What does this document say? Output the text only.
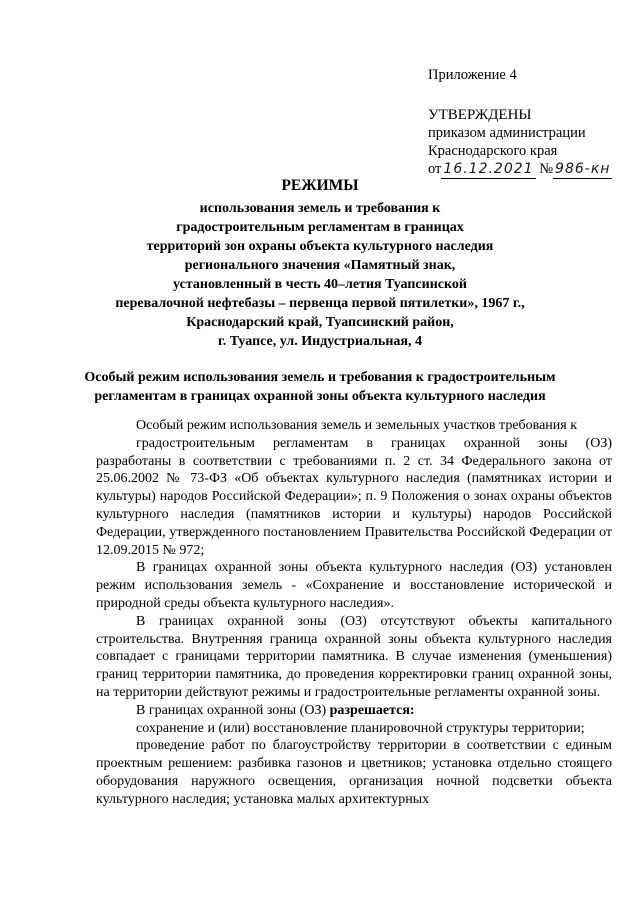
Приложение 4
УТВЕРЖДЕНЫ
приказом администрации
Краснодарского края
от 16.12.2021 № 986-кн
РЕЖИМЫ
использования земель и требования к
градостроительным регламентам в границах
территорий зон охраны объекта культурного наследия
регионального значения «Памятный знак,
установленный в честь 40–летия Туапсинской
перевалочной нефтебазы – первенца первой пятилетки», 1967 г.,
Краснодарский край, Туапсинский район,
г. Туапсе, ул. Индустриальная, 4
Особый режим использования земель и требования к градостроительным
регламентам в границах охранной зоны объекта культурного наследия

Особый режим использования земель и земельных участков требования к

градостроительным регламентам в границах охранной зоны (ОЗ)

разработаны в соответствии с требованиями п. 2 ст. 34 Федерального закона от 25.06.2002 № 73-ФЗ «Об объектах культурного наследия (памятниках истории и культуры) народов Российской Федерации»; п. 9 Положения о зонах охраны объектов культурного наследия (памятников истории и культуры) народов Российской Федерации, утвержденного постановлением Правительства Российской Федерации от 12.09.2015 № 972;

В границах охранной зоны объекта культурного наследия (ОЗ) установлен режим использования земель - «Сохранение и восстановление исторической и природной среды объекта культурного наследия».

В границах охранной зоны (ОЗ) отсутствуют объекты капитального строительства. Внутренняя граница охранной зоны объекта культурного наследия совпадает с границами территории памятника. В случае изменения (уменьшения) границ территории памятника, до проведения корректировки границ охранной зоны, на территории действуют режимы и градостроительные регламенты охранной зоны.

В границах охранной зоны (ОЗ) разрешается:

сохранение и (или) восстановление планировочной структуры территории;

проведение работ по благоустройству территории в соответствии с единым проектным решением: разбивка газонов и цветников; установка отдельно стоящего оборудования наружного освещения, организация ночной подсветки объекта культурного наследия; установка малых архитектурных
